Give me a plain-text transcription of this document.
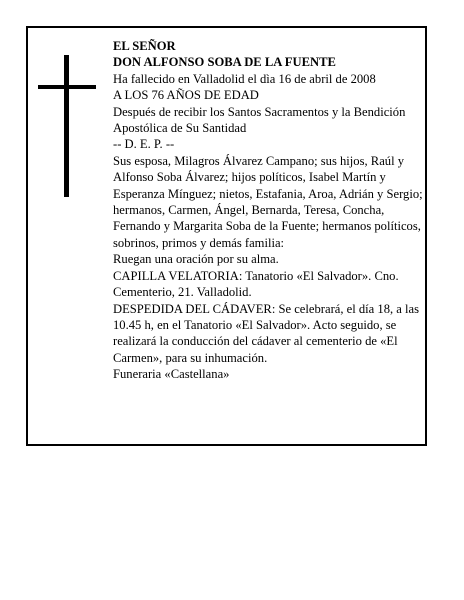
EL SEÑOR

DON ALFONSO SOBA DE LA FUENTE

Ha fallecido en Valladolid el dìa 16 de abril de 2008

A LOS 76 AÑOS DE EDAD

Después de recibir los Santos Sacramentos y la Bendición Apostólica de Su Santidad

-- D. E. P. --

Sus esposa, Milagros Álvarez Campano; sus hijos, Raúl y Alfonso Soba Álvarez; hijos políticos, Isabel Martín y Esperanza Mínguez; nietos, Estafania, Aroa, Adrián y Sergio; hermanos, Carmen, Ángel, Bernarda, Teresa, Concha, Fernando y Margarita Soba de la Fuente; hermanos políticos, sobrinos, primos y demás familia:

Ruegan una oración por su alma.

CAPILLA VELATORIA: Tanatorio «El Salvador». Cno. Cementerio, 21. Valladolid.

DESPEDIDA DEL CÁDAVER: Se celebrará, el día 18, a las 10.45 h, en el Tanatorio «El Salvador». Acto seguido, se realizará la conducción del cádaver al cementerio de «El Carmen», para su inhumación.

Funeraria «Castellana»
